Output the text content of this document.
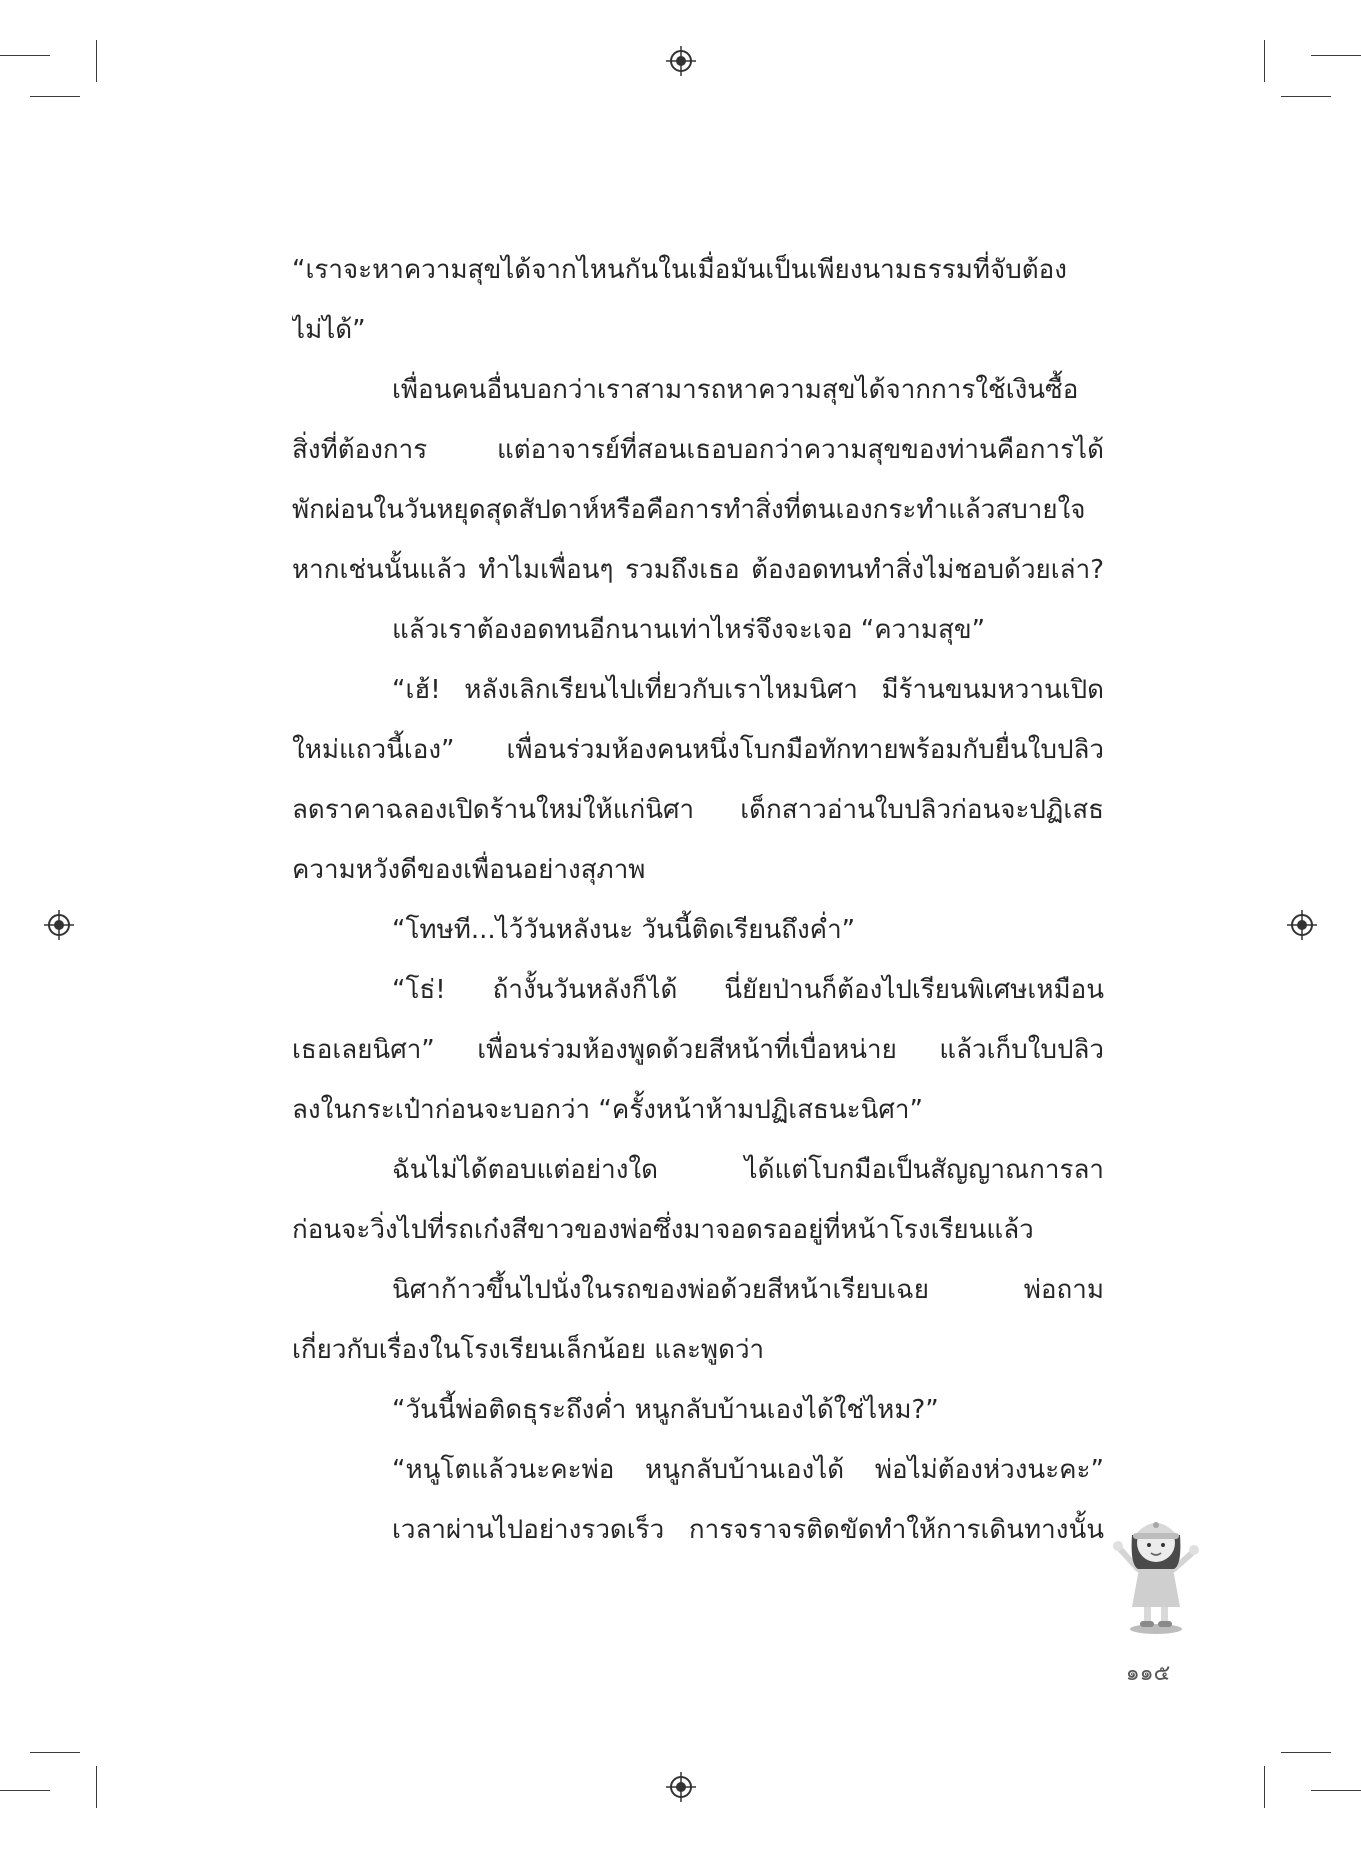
“เราจะหาความสุขได้จากไหนกันในเมื่อมันเป็นเพียงนามธรรมที่จับต้อง
ไม่ได้”
เพื่อนคนอื่นบอกว่าเราสามารถหาความสุขได้จากการใช้เงินซื้อ
สิ่งที่ต้องการ แต่อาจารย์ที่สอนเธอบอกว่าความสุขของท่านคือการได้
พักผ่อนในวันหยุดสุดสัปดาห์หรือคือการทำสิ่งที่ตนเองกระทำแล้วสบายใจ
หากเช่นนั้นแล้ว ทำไมเพื่อนๆ รวมถึงเธอ ต้องอดทนทำสิ่งไม่ชอบด้วยเล่า?
แล้วเราต้องอดทนอีกนานเท่าไหร่จึงจะเจอ “ความสุข”
“เฮ้! หลังเลิกเรียนไปเที่ยวกับเราไหมนิศา มีร้านขนมหวานเปิด
ใหม่แถวนี้เอง” เพื่อนร่วมห้องคนหนึ่งโบกมือทักทายพร้อมกับยื่นใบปลิว
ลดราคาฉลองเปิดร้านใหม่ให้แก่นิศา เด็กสาวอ่านใบปลิวก่อนจะปฏิเสธ
ความหวังดีของเพื่อนอย่างสุภาพ
“โทษที...ไว้วันหลังนะ วันนี้ติดเรียนถึงค่ำ”
“โธ่! ถ้างั้นวันหลังก็ได้ นี่ยัยป่านก็ต้องไปเรียนพิเศษเหมือน
เธอเลยนิศา” เพื่อนร่วมห้องพูดด้วยสีหน้าที่เบื่อหน่าย แล้วเก็บใบปลิว
ลงในกระเป๋าก่อนจะบอกว่า “ครั้งหน้าห้ามปฏิเสธนะนิศา”
ฉันไม่ได้ตอบแต่อย่างใด ได้แต่โบกมือเป็นสัญญาณการลา
ก่อนจะวิ่งไปที่รถเก๋งสีขาวของพ่อซึ่งมาจอดรออยู่ที่หน้าโรงเรียนแล้ว
นิศาก้าวขึ้นไปนั่งในรถของพ่อด้วยสีหน้าเรียบเฉย พ่อถาม
เกี่ยวกับเรื่องในโรงเรียนเล็กน้อย และพูดว่า
“วันนี้พ่อติดธุระถึงค่ำ หนูกลับบ้านเองได้ใช่ไหม?”
“หนูโตแล้วนะคะพ่อ หนูกลับบ้านเองได้ พ่อไม่ต้องห่วงนะคะ”
เวลาผ่านไปอย่างรวดเร็ว การจราจรติดขัดทำให้การเดินทางนั้น
๑๑๕
